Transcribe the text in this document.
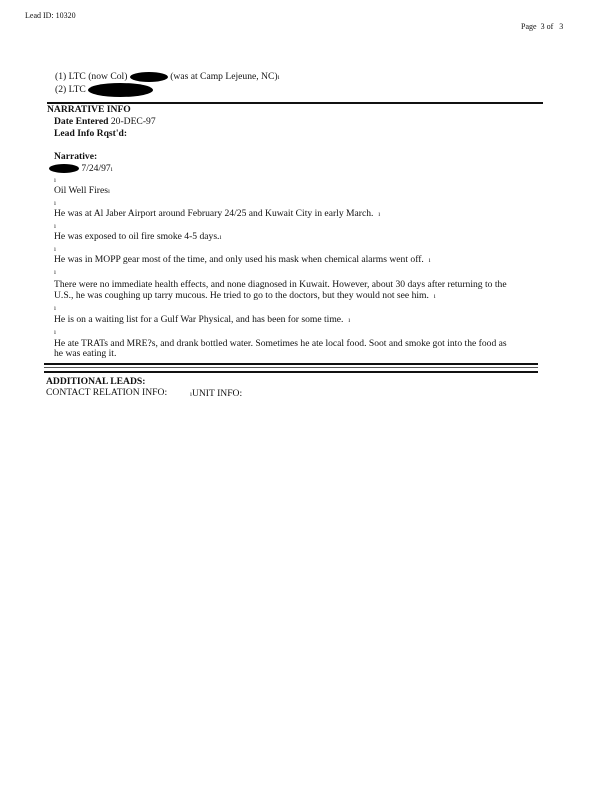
Lead ID: 10320
Page 3 of 3
(1) LTC (now Col)	(was at Camp Lejeune, NC)ı
(2) LTC
NARRATIVE INFO
Date Entered 20-DEC-97
Lead Info Rqst'd:
Narrative:
7/24/97ı
ı
Oil Well Firesı
ı
He was at Al Jaber Airport around February 24/25 and Kuwait City in early March. ı
ı
He was exposed to oil fire smoke 4-5 days.ı
ı
He was in MOPP gear most of the time, and only used his mask when chemical alarms went off. ı
ı
There were no immediate health effects, and none diagnosed in Kuwait. However, about 30 days after returning to the
U.S., he was coughing up tarry mucous. He tried to go to the doctors, but they would not see him. ı
ı
He is on a waiting list for a Gulf War Physical, and has been for some time. ı
ı
He ate TRATs and MRE?s, and drank bottled water. Sometimes he ate local food. Soot and smoke got into the food as
he was eating it.
ADDITIONAL LEADS:
CONTACT RELATION INFO:	ıUNIT INFO:
